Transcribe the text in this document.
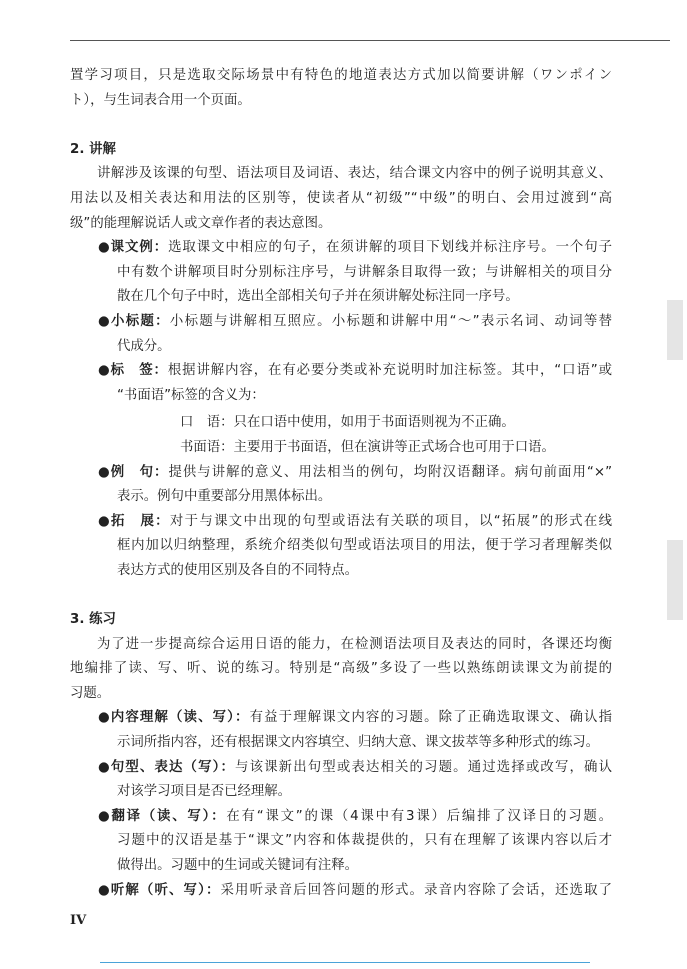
置学习项目，只是选取交际场景中有特色的地道表达方式加以简要讲解（ワンポイン
ト），与生词表合用一个页面。
2. 讲解
讲解涉及该课的句型、语法项目及词语、表达，结合课文内容中的例子说明其意义、
用法以及相关表达和用法的区别等，使读者从“初级”“中级”的明白、会用过渡到“高
级”的能理解说话人或文章作者的表达意图。
●课文例：选取课文中相应的句子，在须讲解的项目下划线并标注序号。一个句子
中有数个讲解项目时分别标注序号，与讲解条目取得一致；与讲解相关的项目分
散在几个句子中时，选出全部相关句子并在须讲解处标注同一序号。
●小标题：小标题与讲解相互照应。小标题和讲解中用“～”表示名词、动词等替
代成分。
●标　签：根据讲解内容，在有必要分类或补充说明时加注标签。其中，“口语”或
“书面语”标签的含义为：
口　语：只在口语中使用，如用于书面语则视为不正确。
书面语：主要用于书面语，但在演讲等正式场合也可用于口语。
●例　句：提供与讲解的意义、用法相当的例句，均附汉语翻译。病句前面用“×”
表示。例句中重要部分用黑体标出。
●拓　展：对于与课文中出现的句型或语法有关联的项目，以“拓展”的形式在线
框内加以归纳整理，系统介绍类似句型或语法项目的用法，便于学习者理解类似
表达方式的使用区别及各自的不同特点。
3. 练习
为了进一步提高综合运用日语的能力，在检测语法项目及表达的同时，各课还均衡
地编排了读、写、听、说的练习。特别是“高级”多设了一些以熟练朗读课文为前提的
习题。
●内容理解（读、写）：有益于理解课文内容的习题。除了正确选取课文、确认指
示词所指内容，还有根据课文内容填空、归纳大意、课文拔萃等多种形式的练习。
●句型、表达（写）：与该课新出句型或表达相关的习题。通过选择或改写，确认
对该学习项目是否已经理解。
●翻译（读、写）：在有“课文”的课（4课中有3课）后编排了汉译日的习题。
习题中的汉语是基于“课文”内容和体裁提供的，只有在理解了该课内容以后才
做得出。习题中的生词或关键词有注释。
●听解（听、写）：采用听录音后回答问题的形式。录音内容除了会话，还选取了
IV
